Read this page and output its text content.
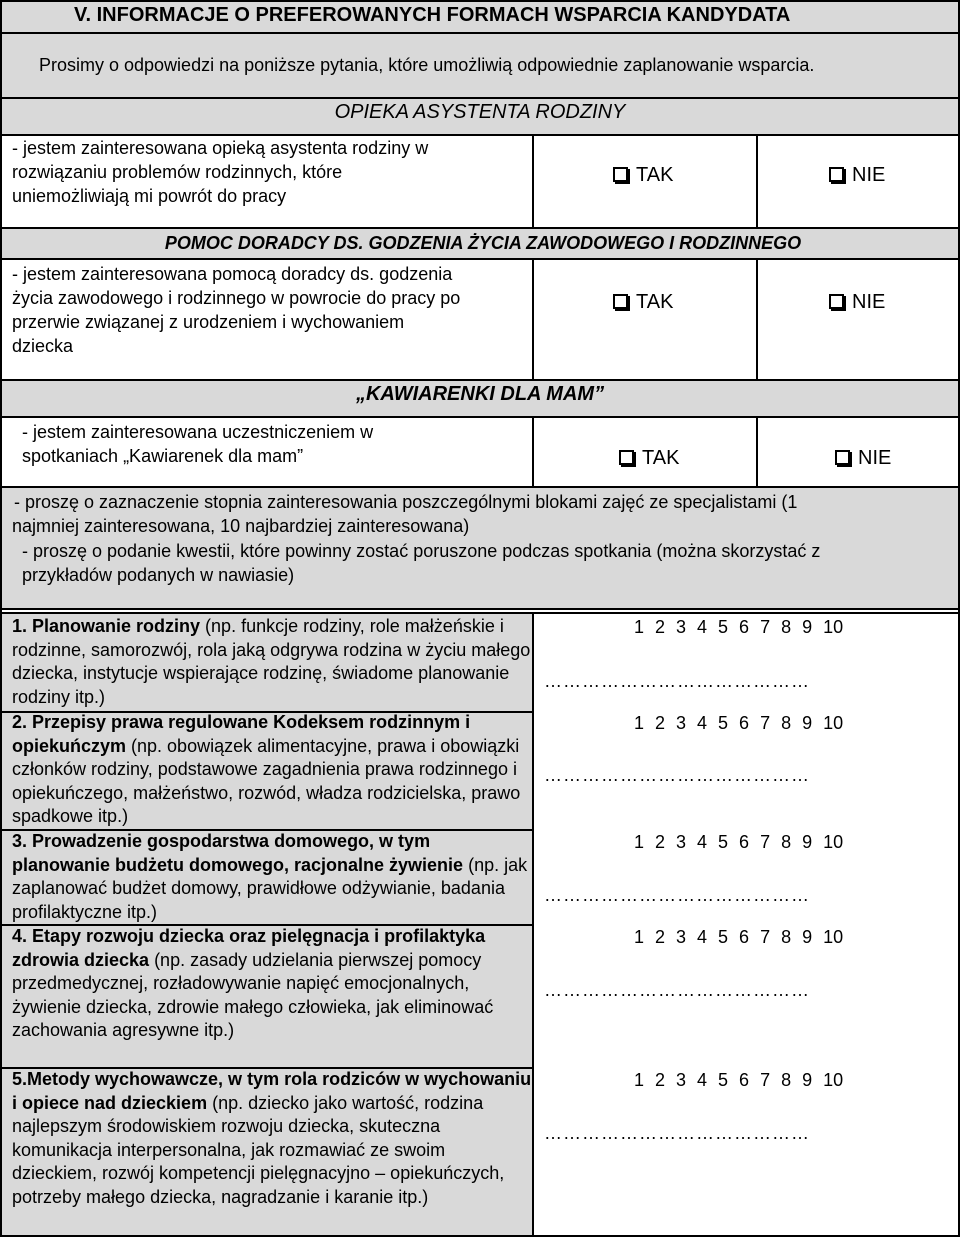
V. INFORMACJE O PREFEROWANYCH FORMACH WSPARCIA KANDYDATA
Prosimy o odpowiedzi na poniższe pytania, które umożliwią odpowiednie zaplanowanie wsparcia.
OPIEKA ASYSTENTA RODZINY
- jestem zainteresowana opieką asystenta rodziny w
rozwiązaniu problemów rodzinnych, które
uniemożliwiają mi powrót do pracy
TAK	NIE
POMOC DORADCY DS. GODZENIA ŻYCIA ZAWODOWEGO I RODZINNEGO
- jestem zainteresowana pomocą doradcy ds. godzenia
życia zawodowego i rodzinnego w powrocie do pracy po
przerwie związanej z urodzeniem i wychowaniem
dziecka
TAK	NIE
„KAWIARENKI DLA MAM”
- jestem zainteresowana uczestniczeniem w
spotkaniach „Kawiarenek dla mam”	TAK	NIE
- proszę o zaznaczenie stopnia zainteresowania poszczególnymi blokami zajęć ze specjalistami (1
najmniej zainteresowana, 10 najbardziej zainteresowana)
- proszę o podanie kwestii, które powinny zostać poruszone podczas spotkania (można skorzystać z
przykładów podanych w nawiasie)
1. Planowanie rodziny (np. funkcje rodziny, role małżeńskie i rodzinne, samorozwój, rola jaką odgrywa rodzina w życiu małego dziecka, instytucje wspierające rodzinę, świadome planowanie rodziny itp.)
1 2 3 4 5 6 7 8 9 10
……………………………………
2. Przepisy prawa regulowane Kodeksem rodzinnym i opiekuńczym (np. obowiązek alimentacyjne, prawa i obowiązki członków rodziny, podstawowe zagadnienia prawa rodzinnego i opiekuńczego, małżeństwo, rozwód, władza rodzicielska, prawo spadkowe itp.)
1 2 3 4 5 6 7 8 9 10
……………………………………
3. Prowadzenie gospodarstwa domowego, w tym planowanie budżetu domowego, racjonalne żywienie (np. jak zaplanować budżet domowy, prawidłowe odżywianie, badania profilaktyczne itp.)
1 2 3 4 5 6 7 8 9 10
……………………………………
4. Etapy rozwoju dziecka oraz pielęgnacja i profilaktyka zdrowia dziecka (np. zasady udzielania pierwszej pomocy przedmedycznej, rozładowywanie napięć emocjonalnych, żywienie dziecka, zdrowie małego człowieka, jak eliminować zachowania agresywne itp.)
1 2 3 4 5 6 7 8 9 10
……………………………………
5.Metody wychowawcze, w tym rola rodziców w wychowaniu i opiece nad dzieckiem (np. dziecko jako wartość, rodzina najlepszym środowiskiem rozwoju dziecka, skuteczna komunikacja interpersonalna, jak rozmawiać ze swoim dzieckiem, rozwój kompetencji pielęgnacyjno – opiekuńczych, potrzeby małego dziecka, nagradzanie i karanie itp.)
1 2 3 4 5 6 7 8 9 10
……………………………………
